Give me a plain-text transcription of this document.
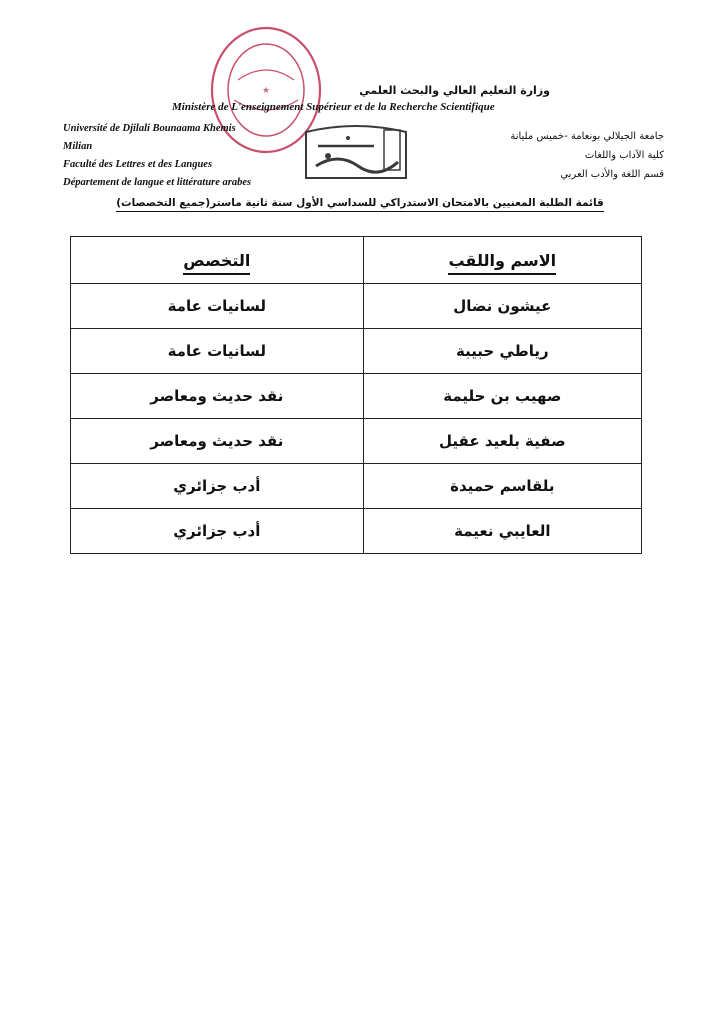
★	وزارة التعليم العالي والبحث العلمي
Ministère de L'enseignement Supérieur et de la Recherche Scientifique
Université de Djilali Bounaama Khemis
Milian
Faculté des Lettres et des Langues
Département de langue et littérature arabes
جامعة الجيلالي بونعامة -خميس مليانة
كلية الآداب واللغات
قسم اللغة والأدب العربي
قائمة الطلبة المعنيين بالامتحان الاستدراكي للسداسي الأول سنة ثانية ماستر(جميع التخصصات)
الاسم واللقب	التخصص
عيشون نضال	لسانيات عامة
رياطي حبيبة	لسانيات عامة
صهيب بن حليمة	نقد حديث ومعاصر
صفية بلعيد عقيل	نقد حديث ومعاصر
بلقاسم حميدة	أدب جزائري
العايبي نعيمة	أدب جزائري
